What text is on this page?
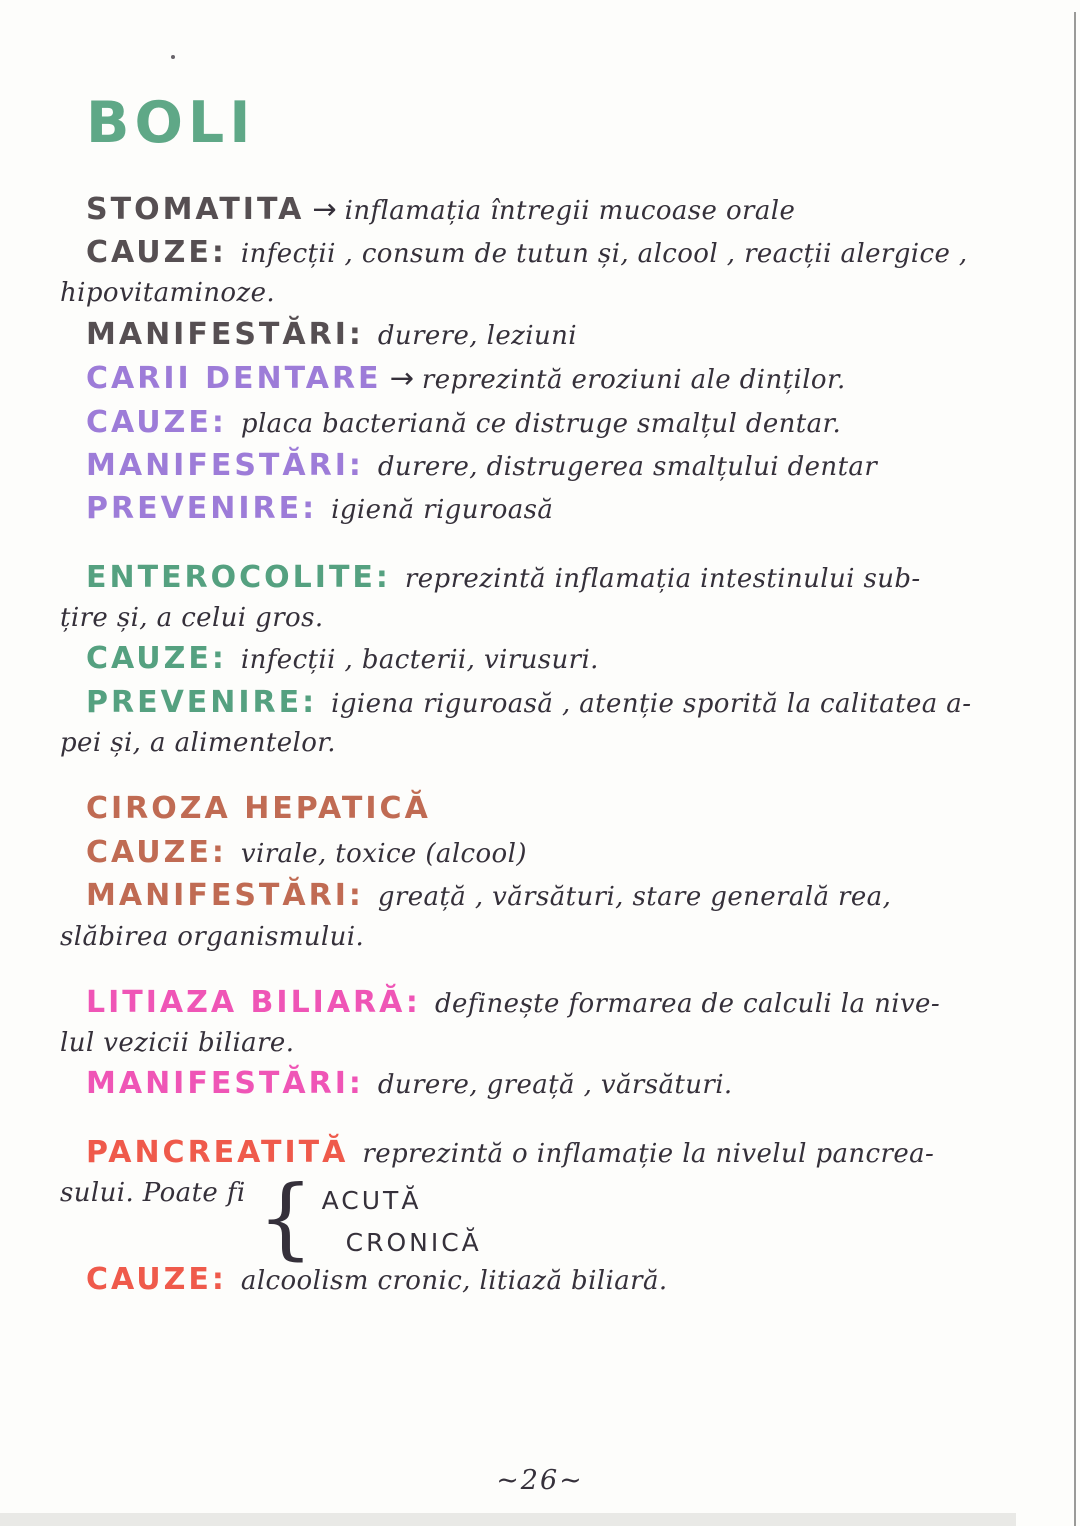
BOLI
STOMATITA → inflamația întregii mucoase orale
CAUZE: infecții , consum de tutun și, alcool , reacții alergice ,
hipovitaminoze.
MANIFESTĂRI: durere, leziuni
CARII DENTARE → reprezintă eroziuni ale dinților.
CAUZE: placa bacteriană ce distruge smalțul dentar.
MANIFESTĂRI: durere, distrugerea smalțului dentar
PREVENIRE: igienă riguroasă
ENTEROCOLITE: reprezintă inflamația intestinului sub-
țire și, a celui gros.
CAUZE: infecții , bacterii, virusuri.
PREVENIRE: igiena riguroasă , atenție sporită la calitatea a-
pei și, a alimentelor.
CIROZA HEPATICĂ
CAUZE: virale, toxice (alcool)
MANIFESTĂRI: greață , vărsături, stare generală rea,
slăbirea organismului.
LITIAZA BILIARĂ: definește formarea de calculi la nive-
lul vezicii biliare.
MANIFESTĂRI: durere, greață , vărsături.
PANCREATITĂ reprezintă o inflamație la nivelul pancrea-
sului. Poate fi { ACUTĂ
CRONICĂ
CAUZE: alcoolism cronic, litiază biliară.
~26~
